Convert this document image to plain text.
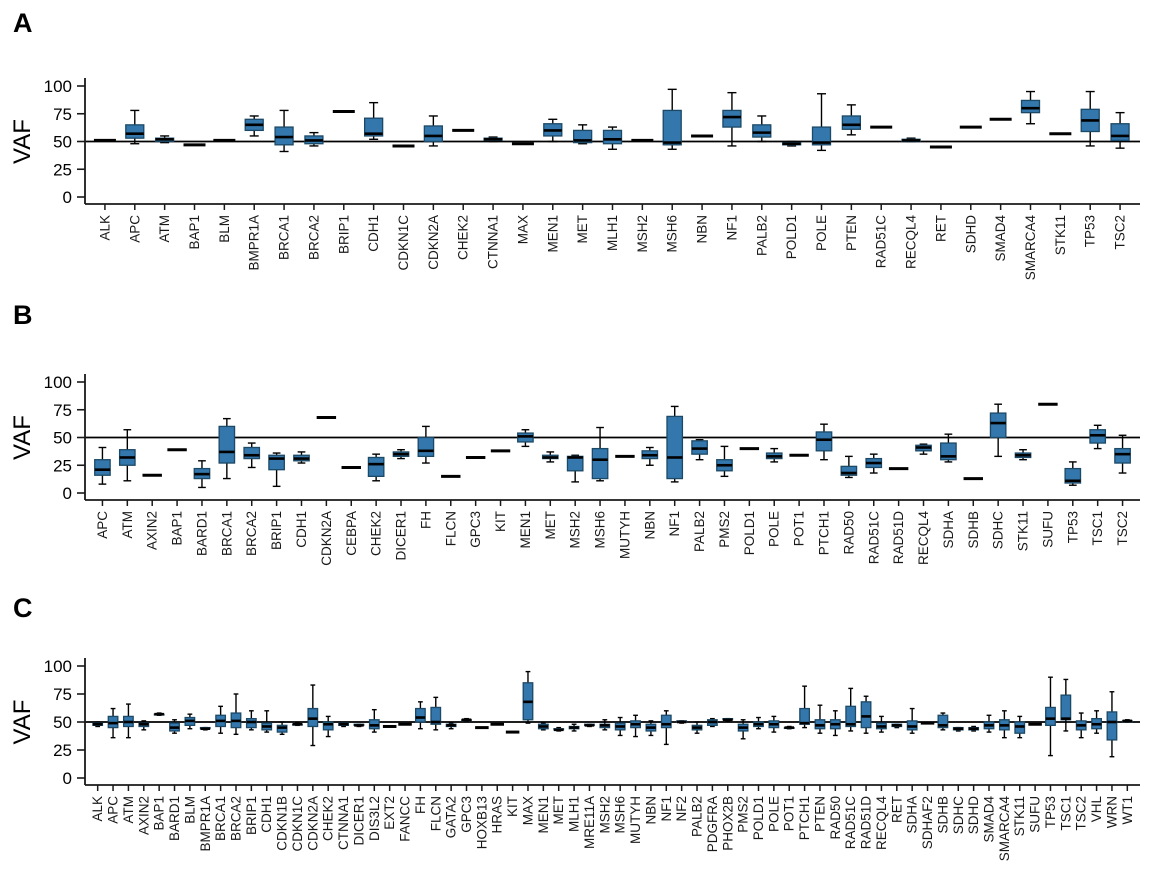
A
0
25
50
75
100
VAF
ALK APC ATM BAP1 BLM BMPR1A BRCA1 BRCA2 BRIP1 CDH1 CDKN1C CDKN2A CHEK2 CTNNA1 MAX MEN1 MET MLH1 MSH2 MSH6 NBN NF1 PALB2 POLD1 POLE PTEN RAD51C RECQL4 RET SDHD SMAD4 SMARCA4 STK11 TP53 TSC2
B
0
25
50
75
100
VAF
APC ATM AXIN2 BAP1 BARD1 BRCA1 BRCA2 BRIP1 CDH1 CDKN2A CEBPA CHEK2 DICER1 FH FLCN GPC3 KIT MEN1 MET MSH2 MSH6 MUTYH NBN NF1 PALB2 PMS2 POLD1 POLE POT1 PTCH1 RAD50 RAD51C RAD51D RECQL4 SDHA SDHB SDHC STK11 SUFU TP53 TSC1 TSC2
C
0
25
50
75
100
VAF
ALK APC ATM AXIN2 BAP1 BARD1 BLM BMPR1A BRCA1 BRCA2 BRIP1 CDH1 CDKN1B CDKN1C CDKN2A CHEK2 CTNNA1 DICER1 DIS3L2 EXT2 FANCC FH FLCN GATA2 GPC3 HOXB13 HRAS KIT MAX MEN1 MET MLH1 MRE11A MSH2 MSH6 MUTYH NBN NF1 NF2 PALB2 PDGFRA PHOX2B PMS2 POLD1 POLE POT1 PTCH1 PTEN RAD50 RAD51C RAD51D RECQL4 RET SDHA SDHAF2 SDHB SDHC SDHD SMAD4 SMARCA4 STK11 SUFU TP53 TSC1 TSC2 VHL WRN WT1
